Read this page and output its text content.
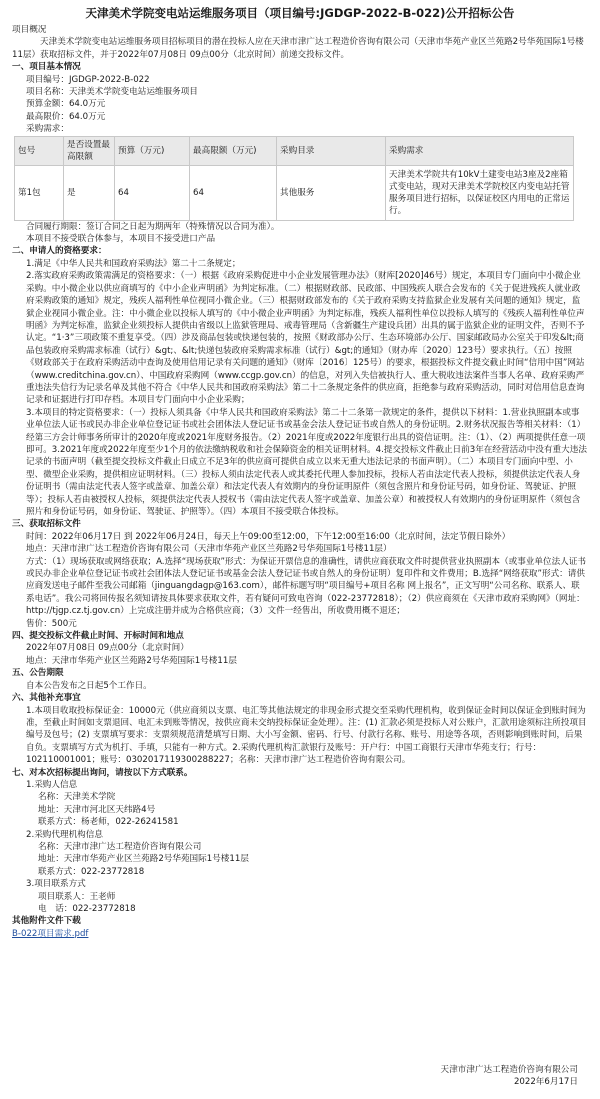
天津美术学院变电站运维服务项目（项目编号:JGDGP-2022-B-022)公开招标公告

项目概况

天津美术学院变电站运维服务项目招标项目的潜在投标人应在天津市津广达工程造价咨询有限公司（天津市华苑产业区兰苑路2号华苑国际1号楼11层）获取招标文件，并于2022年07月08日 09点00分（北京时间）前递交投标文件。

一、项目基本情况

项目编号：JGDGP-2022-B-022

项目名称：天津美术学院变电站运维服务项目

预算金额：64.0万元

最高限价：64.0万元

采购需求：

包号	是否设置最高限额	预算（万元)	最高限额（万元)	采购目录	采购需求
第1包	是	64	64	其他服务	天津美术学院共有10kV土建变电站3座及2座箱式变电站，现对天津美术学院校区内变电站托管服务项目进行招标，以保证校区内用电的正常运行。

合同履行期限：签订合同之日起为期两年（特殊情况以合同为准）。

本项目不接受联合体参与，本项目不接受进口产品

二、申请人的资格要求：

1.满足《中华人民共和国政府采购法》第二十二条规定；

2.落实政府采购政策需满足的资格要求：（一）根据《政府采购促进中小企业发展管理办法》（财库[2020]46号）规定，本项目专门面向中小微企业采购。中小微企业以供应商填写的《中小企业声明函》为判定标准。（二）根据财政部、民政部、中国残疾人联合会发布的《关于促进残疾人就业政府采购政策的通知》规定，残疾人福利性单位视同小微企业。（三）根据财政部发布的《关于政府采购支持监狱企业发展有关问题的通知》规定，监狱企业视同小微企业。注：中小微企业以投标人填写的《中小微企业声明函》为判定标准，残疾人福利性单位以投标人填写的《残疾人福利性单位声明函》为判定标准，监狱企业须投标人提供由省级以上监狱管理局、戒毒管理局（含新疆生产建设兵团）出具的属于监狱企业的证明文件，否则不予认定。“1·3”三项政策不重复享受。（四）涉及商品包装或快递包装的，按照《财政部办公厅、生态环境部办公厅、国家邮政局办公室关于印发&lt;商品包装政府采购需求标准（试行）&gt;、&lt;快递包装政府采购需求标准（试行）&gt;的通知》（财办库〔2020〕123号）要求执行。（五）按照《财政部关于在政府采购活动中查询及使用信用记录有关问题的通知》（财库〔2016〕125号）的要求，根据投标文件提交截止时间“信用中国”网站（www.creditchina.gov.cn）、中国政府采购网（www.ccgp.gov.cn）的信息，对列入失信被执行人、重大税收违法案件当事人名单、政府采购严重违法失信行为记录名单及其他不符合《中华人民共和国政府采购法》第二十二条规定条件的供应商，拒绝参与政府采购活动，同时对信用信息查询记录和证据进行打印存档。本项目专门面向中小企业采购；

3.本项目的特定资格要求：（一）投标人须具备《中华人民共和国政府采购法》第二十二条第一款规定的条件，提供以下材料：1.营业执照副本或事业单位法人证书或民办非企业单位登记证书或社会团体法人登记证书或基金会法人登记证书或自然人的身份证明。2.财务状况报告等相关材料：（1）经第三方会计师事务所审计的2020年度或2021年度财务报告。（2）2021年度或2022年度银行出具的资信证明。注：（1）、（2）两项提供任意一项即可。3.2021年度或2022年度至少1个月的依法缴纳税收和社会保障资金的相关证明材料。4.提交投标文件截止日前3年在经营活动中没有重大违法记录的书面声明（截至提交投标文件截止日成立不足3年的供应商可提供自成立以来无重大违法记录的书面声明）。（二）本项目专门面向中型、小型、微型企业采购，提供相应证明材料。（三）投标人须由法定代表人或其委托代理人参加投标，投标人若由法定代表人投标，须提供法定代表人身份证明书（需由法定代表人签字或盖章、加盖公章）和法定代表人有效期内的身份证明原件（须包含照片和身份证号码，如身份证、驾驶证、护照等）；投标人若由被授权人投标，须提供法定代表人授权书（需由法定代表人签字或盖章、加盖公章）和被授权人有效期内的身份证明原件（须包含照片和身份证号码，如身份证、驾驶证、护照等）。（四）本项目不接受联合体投标。

三、获取招标文件

时间：2022年06月17日 到 2022年06月24日，每天上午09:00至12:00，下午12:00至16:00（北京时间，法定节假日除外）

地点：天津市津广达工程造价咨询有限公司（天津市华苑产业区兰苑路2号华苑国际1号楼11层）

方式：（1）现场获取或网络获取；A.选择“现场获取”形式：为保证开票信息的准确性，请供应商获取文件时提供营业执照副本（或事业单位法人证书或民办非企业单位登记证书或社会团体法人登记证书或基金会法人登记证书或自然人的身份证明）复印件和文件费用；B.选择“网络获取”形式：请供应商发送电子邮件至我公司邮箱（jinguangdagp@163.com），邮件标题写明“项目编号+项目名称 网上报名”，正文写明“公司名称、联系人、联系电话”。我公司将回传报名须知请按具体要求获取文件，若有疑问可致电咨询（022-23772818）；（2）供应商须在《天津市政府采购网》（网址：http://tjgp.cz.tj.gov.cn）上完成注册并成为合格供应商；（3）文件一经售出，所收费用概不退还；

售价：500元

四、提交投标文件截止时间、开标时间和地点

2022年07月08日 09点00分（北京时间）

地点：天津市华苑产业区兰苑路2号华苑国际1号楼11层

五、公告期限

自本公告发布之日起5个工作日。

六、其他补充事宜

1.本项目收取投标保证金：10000元（供应商须以支票、电汇等其他法规定的非现金形式提交至采购代理机构，收到保证金时间以保证金到账时间为准，至截止时间如支票退回、电汇未到账等情况，按供应商未交纳投标保证金处理）。注：(1) 汇款必须是投标人对公账户，汇款用途须标注所投项目编号及包号；(2) 支票填写要求：支票须规范清楚填写日期、大小写金额、密码、行号、付款行名称、账号、用途等各项，否则影响到账时间，后果自负。支票填写方式为机打、手填，只能有一种方式。2.采购代理机构汇款银行及账号：开户行：中国工商银行天津市华苑支行；行号：102110001001；账号：0302017119300288227；名称：天津市津广达工程造价咨询有限公司。

七、对本次招标提出询问，请按以下方式联系。

1.采购人信息

名称：天津美术学院

地址：天津市河北区天纬路4号

联系方式：杨老师，022-26241581

2.采购代理机构信息

名称：天津市津广达工程造价咨询有限公司

地址：天津市华苑产业区兰苑路2号华苑国际1号楼11层

联系方式：022-23772818

3.项目联系方式

项目联系人：王老师

电　话：022-23772818

其他附件文件下载

B-022项目需求.pdf

天津市津广达工程造价咨询有限公司
2022年6月17日
